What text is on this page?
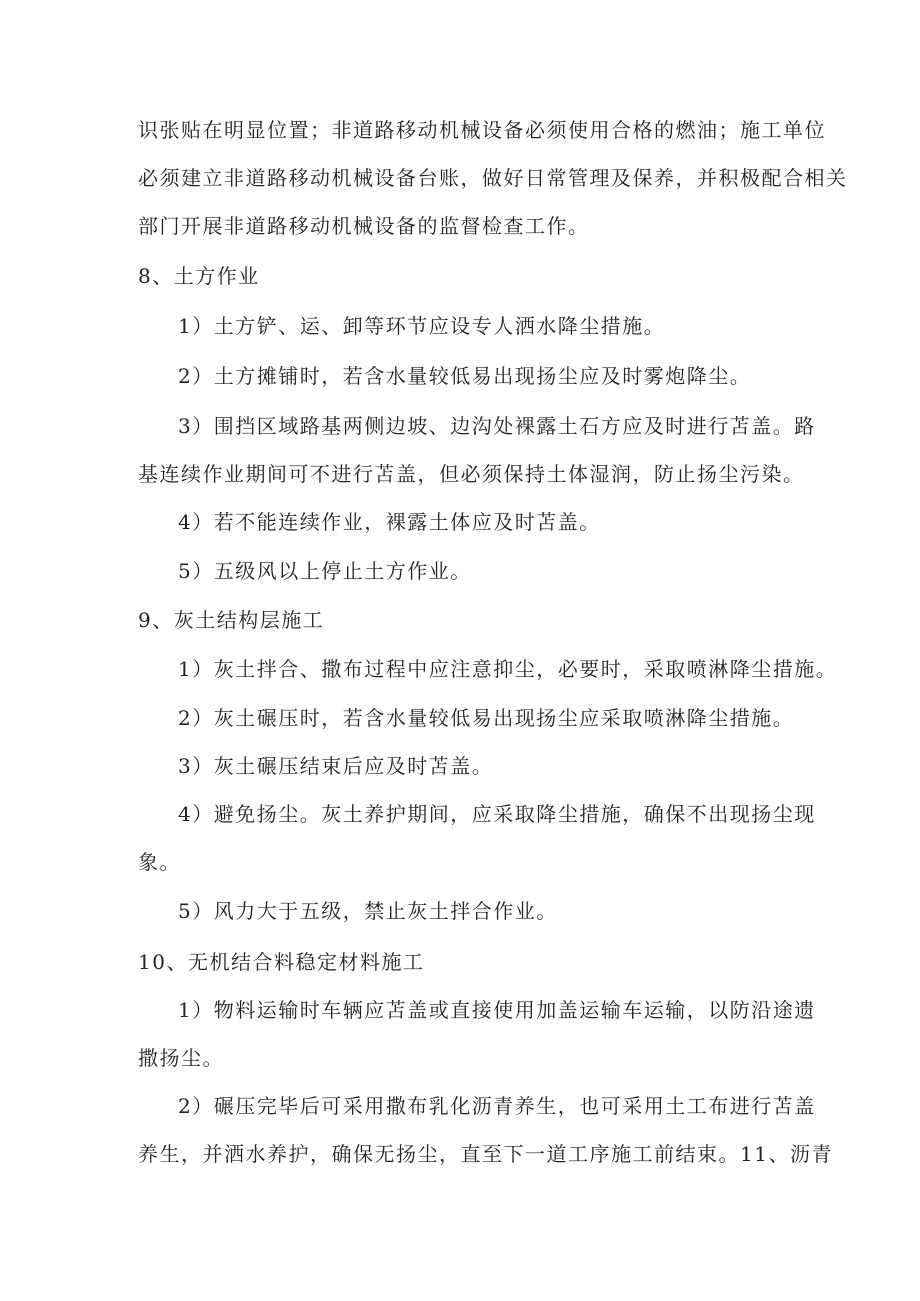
识张贴在明显位置；非道路移动机械设备必须使用合格的燃油；施工单位
必须建立非道路移动机械设备台账，做好日常管理及保养，并积极配合相关
部门开展非道路移动机械设备的监督检查工作。
8、土方作业
1）土方铲、运、卸等环节应设专人洒水降尘措施。
2）土方摊铺时，若含水量较低易出现扬尘应及时雾炮降尘。
3）围挡区域路基两侧边坡、边沟处裸露土石方应及时进行苫盖。路
基连续作业期间可不进行苫盖，但必须保持土体湿润，防止扬尘污染。
4）若不能连续作业，裸露土体应及时苫盖。
5）五级风以上停止土方作业。
9、灰土结构层施工
1）灰土拌合、撒布过程中应注意抑尘，必要时，采取喷淋降尘措施。
2）灰土碾压时，若含水量较低易出现扬尘应采取喷淋降尘措施。
3）灰土碾压结束后应及时苫盖。
4）避免扬尘。灰土养护期间，应采取降尘措施，确保不出现扬尘现
象。
5）风力大于五级，禁止灰土拌合作业。
10、无机结合料稳定材料施工
1）物料运输时车辆应苫盖或直接使用加盖运输车运输，以防沿途遗
撒扬尘。
2）碾压完毕后可采用撒布乳化沥青养生，也可采用土工布进行苫盖
养生，并洒水养护，确保无扬尘，直至下一道工序施工前结束。11、沥青
